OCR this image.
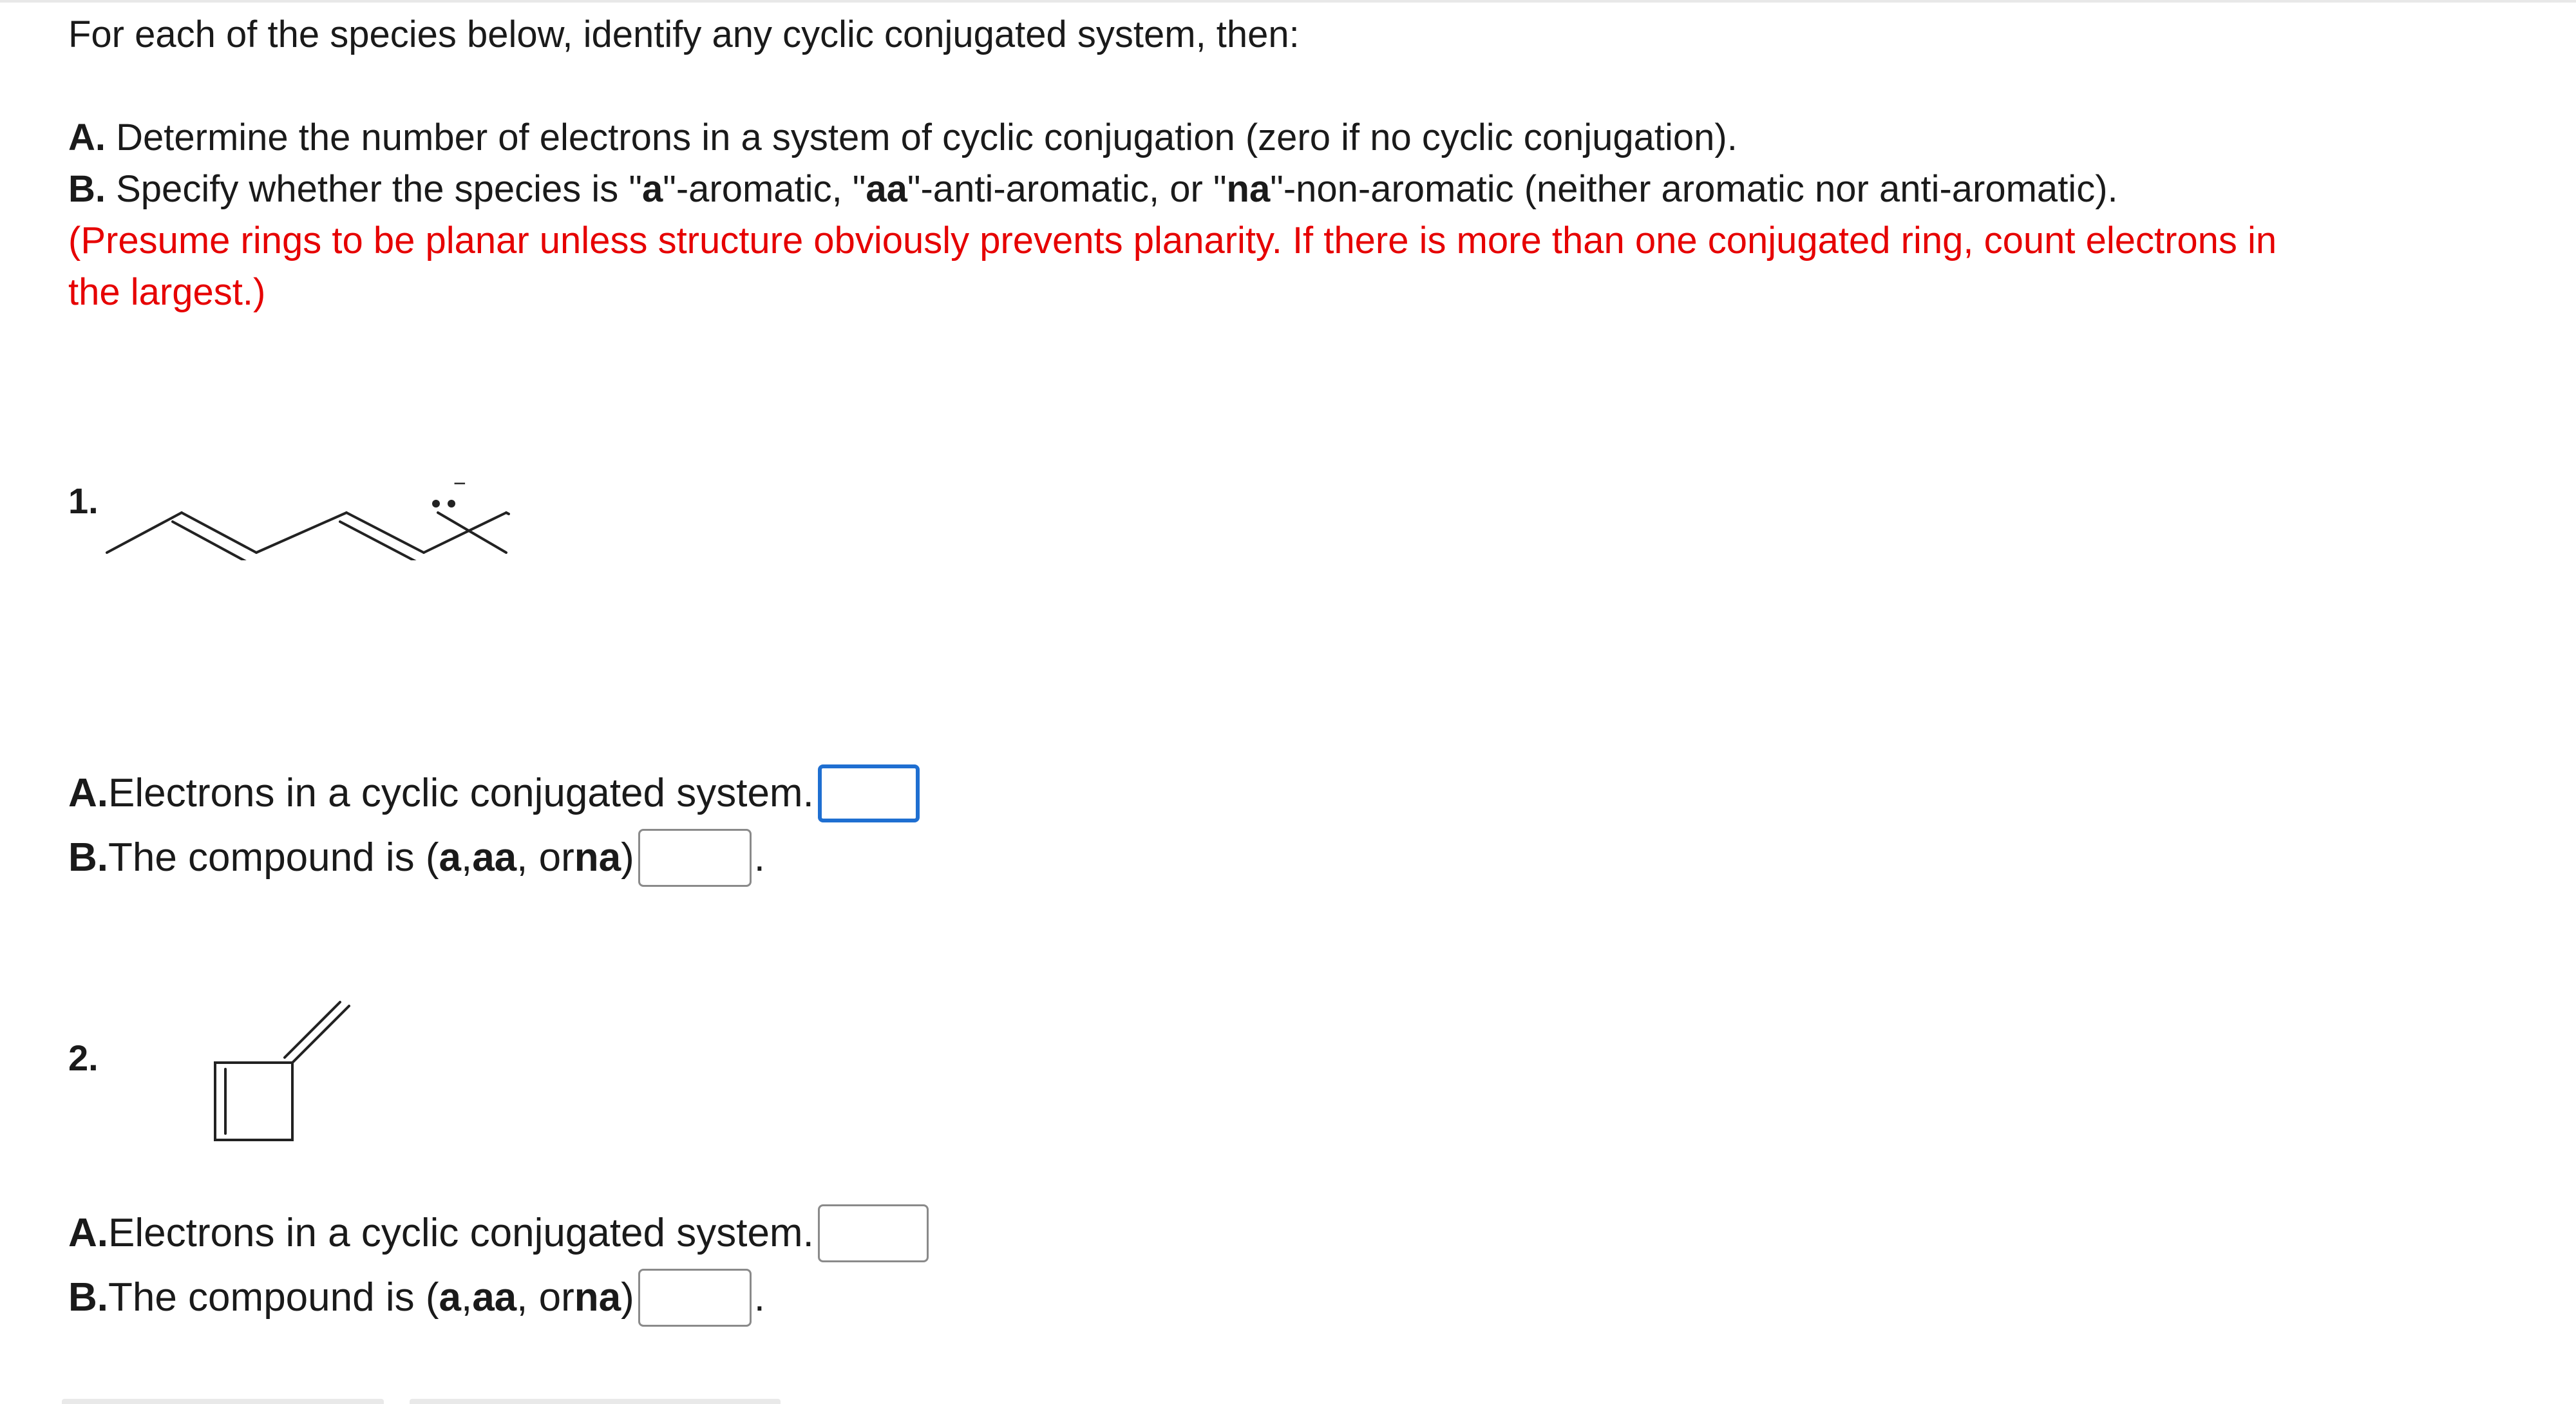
For each of the species below, identify any cyclic conjugated system, then:

A. Determine the number of electrons in a system of cyclic conjugation (zero if no cyclic conjugation).

B. Specify whether the species is "a"-aromatic, "aa"-anti-aromatic, or "na"-non-aromatic (neither aromatic nor anti-aromatic).

(Presume rings to be planar unless structure obviously prevents planarity. If there is more than one conjugated ring, count electrons in

the largest.)

1.	−
A. Electrons in a cyclic conjugated system.
B. The compound is ( a , aa , or na )	.
2.
A. Electrons in a cyclic conjugated system.
B. The compound is ( a , aa , or na )	.
